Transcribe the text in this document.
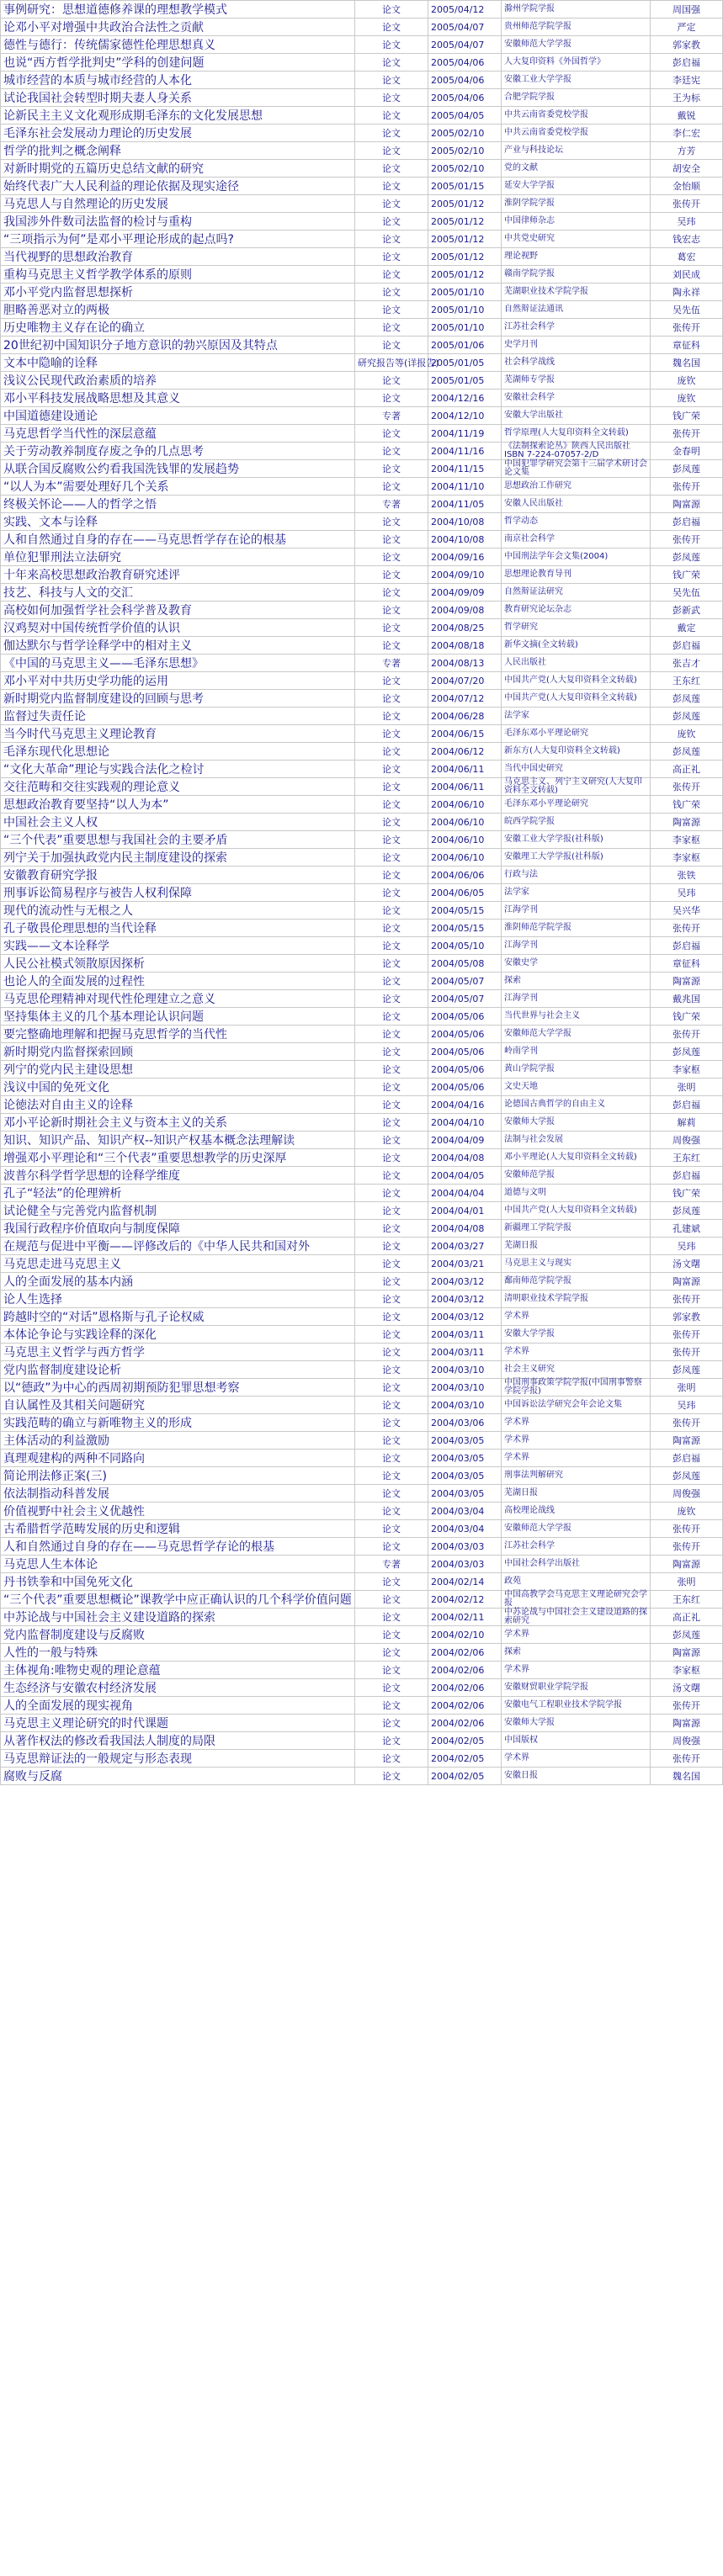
事例研究：思想道德修养课的理想教学模式	论文	2005/04/12	滁州学院学报	周国强
论邓小平对增强中共政治合法性之贡献	论文	2005/04/07	贵州师范学院学报	严定
德性与德行：传统儒家德性伦理思想真义	论文	2005/04/07	安徽师范大学学报	郭家教
也说“西方哲学批判史”学科的创建问题	论文	2005/04/06	人大复印资料《外国哲学》	彭启福
城市经营的本质与城市经营的人本化	论文	2005/04/06	安徽工业大学学报	李廷宪
试论我国社会转型时期夫妻人身关系	论文	2005/04/06	合肥学院学报	王为标
论新民主主义文化观形成期毛泽东的文化发展思想	论文	2005/04/05	中共云南省委党校学报	戴锐
毛泽东社会发展动力理论的历史发展	论文	2005/02/10	中共云南省委党校学报	李仁宏
哲学的批判之概念阐释	论文	2005/02/10	产业与科技论坛	方芳
对新时期党的五篇历史总结文献的研究	论文	2005/02/10	党的文献	胡安全
始终代表广大人民利益的理论依据及现实途径	论文	2005/01/15	延安大学学报	金怡顺
马克思人与自然理论的历史发展	论文	2005/01/12	淮阴学院学报	张传开
我国涉外件数司法监督的检讨与重构	论文	2005/01/12	中国律师杂志	吴玮
“三项指示为何”是邓小平理论形成的起点吗?	论文	2005/01/12	中共党史研究	钱宏志
当代视野的思想政治教育	论文	2005/01/12	理论视野	葛宏
重构马克思主义哲学教学体系的原则	论文	2005/01/12	赣南学院学报	刘民成
邓小平党内监督思想探析	论文	2005/01/10	芜湖职业技术学院学报	陶永祥
胆略善恶对立的两极	论文	2005/01/10	自然辩证法通讯	吴先伍
历史唯物主义存在论的确立	论文	2005/01/10	江苏社会科学	张传开
20世纪初中国知识分子地方意识的勃兴原因及其特点	论文	2005/01/06	史学月刊	章征科
文本中隐喻的诠释	研究报告等(详报告)	2005/01/05	社会科学战线	魏名国
浅议公民现代政治素质的培养	论文	2005/01/05	芜湖师专学报	庞钦
邓小平科技发展战略思想及其意义	论文	2004/12/16	安徽社会科学	庞钦
中国道德建设通论	专著	2004/12/10	安徽大学出版社	钱广荣
马克思哲学当代性的深层意蕴	论文	2004/11/19	哲学原理(人大复印资料全文转载)	张传开
关于劳动教养制度存废之争的几点思考	论文	2004/11/16	《法制探索论丛》陕西人民出版社 ISBN 7-224-07057-2/D	金春明
从联合国反腐败公约看我国洗钱罪的发展趋势	论文	2004/11/15	中国犯罪学研究会第十三届学术研讨会论文集	彭凤莲
“以人为本”需要处理好几个关系	论文	2004/11/10	思想政治工作研究	张传开
终极关怀论——人的哲学之悟	专著	2004/11/05	安徽人民出版社	陶富源
实践、文本与诠释	论文	2004/10/08	哲学动态	彭启福
人和自然通过自身的存在——马克思哲学存在论的根基	论文	2004/10/08	南京社会科学	张传开
单位犯罪刑法立法研究	论文	2004/09/16	中国刑法学年会文集(2004)	彭凤莲
十年来高校思想政治教育研究述评	论文	2004/09/10	思想理论教育导刊	钱广荣
技艺、科技与人文的交汇	论文	2004/09/09	自然辩证法研究	吴先伍
高校如何加强哲学社会科学普及教育	论文	2004/09/08	教育研究论坛杂志	彭新武
汉鸡契对中国传统哲学价值的认识	论文	2004/08/25	哲学研究	戴定
伽达默尔与哲学诠释学中的相对主义	论文	2004/08/18	新华文摘(全文转载)	彭启福
《中国的马克思主义——毛泽东思想》	专著	2004/08/13	人民出版社	张吉才
邓小平对中共历史学功能的运用	论文	2004/07/20	中国共产党(人大复印资料全文转载)	王东红
新时期党内监督制度建设的回顾与思考	论文	2004/07/12	中国共产党(人大复印资料全文转载)	彭凤莲
监督过失责任论	论文	2004/06/28	法学家	彭凤莲
当今时代马克思主义理论教育	论文	2004/06/15	毛泽东邓小平理论研究	庞钦
毛泽东现代化思想论	论文	2004/06/12	新东方(人大复印资料全文转载)	彭凤莲
“文化大革命”理论与实践合法化之检讨	论文	2004/06/11	当代中国史研究	高正礼
交往范畴和交往实践观的理论意义	论文	2004/06/11	马克思主义、列宁主义研究(人大复印资料全文转载)	张传开
思想政治教育要坚持“以人为本”	论文	2004/06/10	毛泽东邓小平理论研究	钱广荣
中国社会主义人权	论文	2004/06/10	皖西学院学报	陶富源
“三个代表”重要思想与我国社会的主要矛盾	论文	2004/06/10	安徽工业大学学报(社科版)	李家枢
列宁关于加强执政党内民主制度建设的探索	论文	2004/06/10	安徽理工大学学报(社科版)	李家枢
安徽教育研究学报	论文	2004/06/06	行政与法	张铁
刑事诉讼简易程序与被告人权利保障	论文	2004/06/05	法学家	吴玮
现代的流动性与无根之人	论文	2004/05/15	江海学刊	吴兴华
孔子敬畏伦理思想的当代诠释	论文	2004/05/15	淮阴师范学院学报	张传开
实践——文本诠释学	论文	2004/05/10	江海学刊	彭启福
人民公社模式领散原因探析	论文	2004/05/08	安徽史学	章征科
也论人的全面发展的过程性	论文	2004/05/07	探索	陶富源
马克思伦理精神对现代性伦理建立之意义	论文	2004/05/07	江海学刊	戴兆国
坚持集体主义的几个基本理论认识问题	论文	2004/05/06	当代世界与社会主义	钱广荣
要完整确地理解和把握马克思哲学的当代性	论文	2004/05/06	安徽师范大学学报	张传开
新时期党内监督探索回顾	论文	2004/05/06	岭南学刊	彭凤莲
列宁的党内民主建设思想	论文	2004/05/06	黄山学院学报	李家枢
浅议中国的免死文化	论文	2004/05/06	文史天地	张明
论徳法对自由主义的诠释	论文	2004/04/16	论德国古典哲学的自由主义	彭启福
邓小平论新时期社会主义与资本主义的关系	论文	2004/04/10	安徽师大学报	解莉
知识、知识产品、知识产权--知识产权基本概念法理解读	论文	2004/04/09	法制与社会发展	周俊强
增强邓小平理论和“三个代表”重要思想教学的历史深厚	论文	2004/04/08	邓小平理论(人大复印资料全文转载)	王东红
波普尔科学哲学思想的诠释学维度	论文	2004/04/05	安徽师范学报	彭启福
孔子“轻法”的伦理辨析	论文	2004/04/04	道德与文明	钱广荣
试论健全与完善党内监督机制	论文	2004/04/01	中国共产党(人大复印资料全文转载)	彭凤莲
我国行政程序价值取向与制度保障	论文	2004/04/08	新疆理工学院学报	孔建斌
在规范与促进中平衡——评修改后的《中华人民共和国对外	论文	2004/03/27	芜湖日报	吴玮
马克思走进马克思主义	论文	2004/03/21	马克思主义与现实	汤文曙
人的全面发展的基本内涵	论文	2004/03/12	鄱南师范学院学报	陶富源
论人生选择	论文	2004/03/12	清明职业技术学院学报	张传开
跨越时空的“对话”恩格斯与孔子论权威	论文	2004/03/12	学术界	郭家教
本体论争论与实践诠释的深化	论文	2004/03/11	安徽大学学报	张传开
马克思主义哲学与西方哲学	论文	2004/03/11	学术界	张传开
党内监督制度建设论析	论文	2004/03/10	社会主义研究	彭凤莲
以“德政”为中心的西周初期预防犯罪思想考察	论文	2004/03/10	中国刑事政策学院学报(中国刑事警察学院学报)	张明
自认属性及其相关问题研究	论文	2004/03/10	中国诉讼法学研究会年会论文集	吴玮
实践范畴的确立与新唯物主义的形成	论文	2004/03/06	学术界	张传开
主体活动的利益激励	论文	2004/03/05	学术界	陶富源
真理观建构的两种不同路向	论文	2004/03/05	学术界	彭启福
简论刑法修正案(三)	论文	2004/03/05	刑事法判解研究	彭凤莲
依法制指动科普发展	论文	2004/03/05	芜湖日报	周俊强
价值视野中社会主义优越性	论文	2004/03/04	高校理论战线	庞钦
古希腊哲学范畴发展的历史和逻辑	论文	2004/03/04	安徽师范大学学报	张传开
人和自然通过自身的存在——马克思哲学存论的根基	论文	2004/03/03	江苏社会科学	张传开
马克思人生本体论	专著	2004/03/03	中国社会科学出版社	陶富源
丹书铁拳和中国免死文化	论文	2004/02/14	政苑	张明
“三个代表”重要思想概论”课教学中应正确认识的几个科学价值问题	论文	2004/02/12	中国高教学会马克思主义理论研究会学报	王东红
中苏论战与中国社会主义建设道路的探索	论文	2004/02/11	中苏论战与中国社会主义建设道路的探索研究	高正礼
党内监督制度建设与反腐败	论文	2004/02/10	学术界	彭凤莲
人性的一般与特殊	论文	2004/02/06	探索	陶富源
主体视角:唯物史观的理论意蕴	论文	2004/02/06	学术界	李家枢
生态经济与安徽农村经济发展	论文	2004/02/06	安徽财贸职业学院学报	汤文曙
人的全面发展的现实视角	论文	2004/02/06	安徽电气工程职业技术学院学报	张传开
马克思主义理论研究的时代课题	论文	2004/02/06	安徽师大学报	陶富源
从著作权法的修改看我国法人制度的局限	论文	2004/02/05	中国版权	周俊强
马克思辩证法的一般规定与形态表现	论文	2004/02/05	学术界	张传开
腐败与反腐	论文	2004/02/05	安徽日报	魏名国
